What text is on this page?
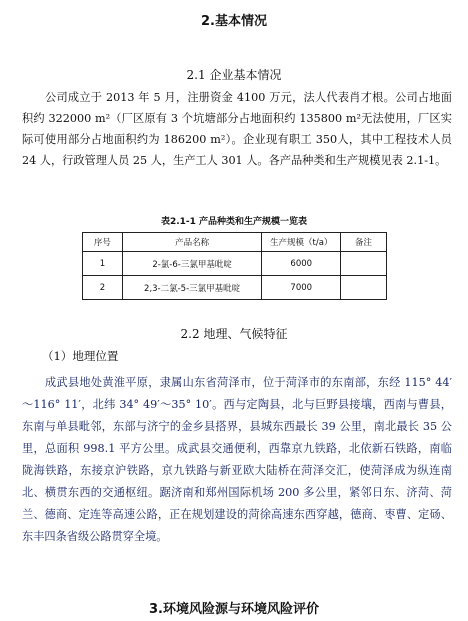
2.基本情况
2.1 企业基本情况

公司成立于 2013 年 5 月，注册资金 4100 万元，法人代表肖才根。公司占地面积约 322000 m²（厂区原有 3 个坑塘部分占地面积约 135800 m²无法使用，厂区实际可使用部分占地面积约为 186200 m²）。企业现有职工 350人，其中工程技术人员 24 人，行政管理人员 25 人，生产工人 301 人。各产品种类和生产规模见表 2.1-1。

表2.1-1 产品种类和生产规模一览表
序号	产品名称	生产规模（t/a）	备注
1	2-氯-6-三氯甲基吡啶	6000	
2	2,3-二氯-5-三氯甲基吡啶	7000	
2.2 地理、气候特征
（1）地理位置

成武县地处黄淮平原，隶属山东省菏泽市，位于菏泽市的东南部，东经 115° 44′～116° 11′，北纬 34° 49′～35° 10′。西与定陶县，北与巨野县接壤，西南与曹县，东南与单县毗邻，东部与济宁的金乡县搭界，县城东西最长 39 公里，南北最长 35 公里，总面积 998.1 平方公里。成武县交通便利，西靠京九铁路，北依新石铁路，南临陇海铁路，东接京沪铁路，京九铁路与新亚欧大陆桥在菏泽交汇，使菏泽成为纵连南北、横贯东西的交通枢纽。踞济南和郑州国际机场 200 多公里，紧邻日东、济菏、菏兰、德商、定连等高速公路，正在规划建设的菏徐高速东西穿越，德商、枣曹、定砀、东丰四条省级公路贯穿全境。

3.环境风险源与环境风险评价
